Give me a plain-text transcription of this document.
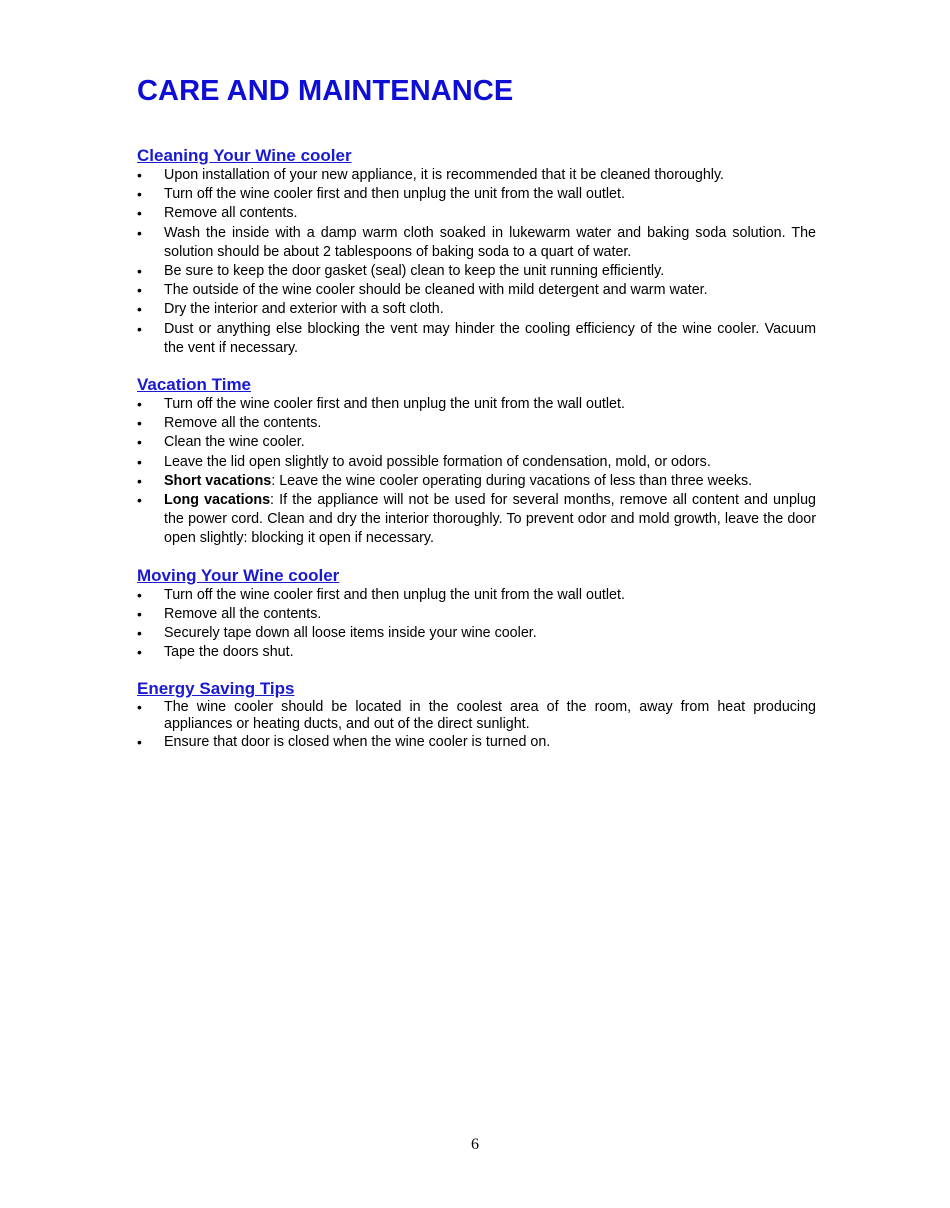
CARE AND MAINTENANCE
Cleaning Your Wine cooler
• Upon installation of your new appliance, it is recommended that it be cleaned thoroughly.
• Turn off the wine cooler first and then unplug the unit from the wall outlet.
• Remove all contents.
• Wash the inside with a damp warm cloth soaked in lukewarm water and baking soda solution. The solution should be about 2 tablespoons of baking soda to a quart of water.
• Be sure to keep the door gasket (seal) clean to keep the unit running efficiently.
• The outside of the wine cooler should be cleaned with mild detergent and warm water.
• Dry the interior and exterior with a soft cloth.
• Dust or anything else blocking the vent may hinder the cooling efficiency of the wine cooler. Vacuum the vent if necessary.
Vacation Time
• Turn off the wine cooler first and then unplug the unit from the wall outlet.
• Remove all the contents.
• Clean the wine cooler.
• Leave the lid open slightly to avoid possible formation of condensation, mold, or odors.
• Short vacations: Leave the wine cooler operating during vacations of less than three weeks.
• Long vacations: If the appliance will not be used for several months, remove all content and unplug the power cord. Clean and dry the interior thoroughly. To prevent odor and mold growth, leave the door open slightly: blocking it open if necessary.
Moving Your Wine cooler
• Turn off the wine cooler first and then unplug the unit from the wall outlet.
• Remove all the contents.
• Securely tape down all loose items inside your wine cooler.
• Tape the doors shut.
Energy Saving Tips
• The wine cooler should be located in the coolest area of the room, away from heat producing appliances or heating ducts, and out of the direct sunlight.
• Ensure that door is closed when the wine cooler is turned on.
6
